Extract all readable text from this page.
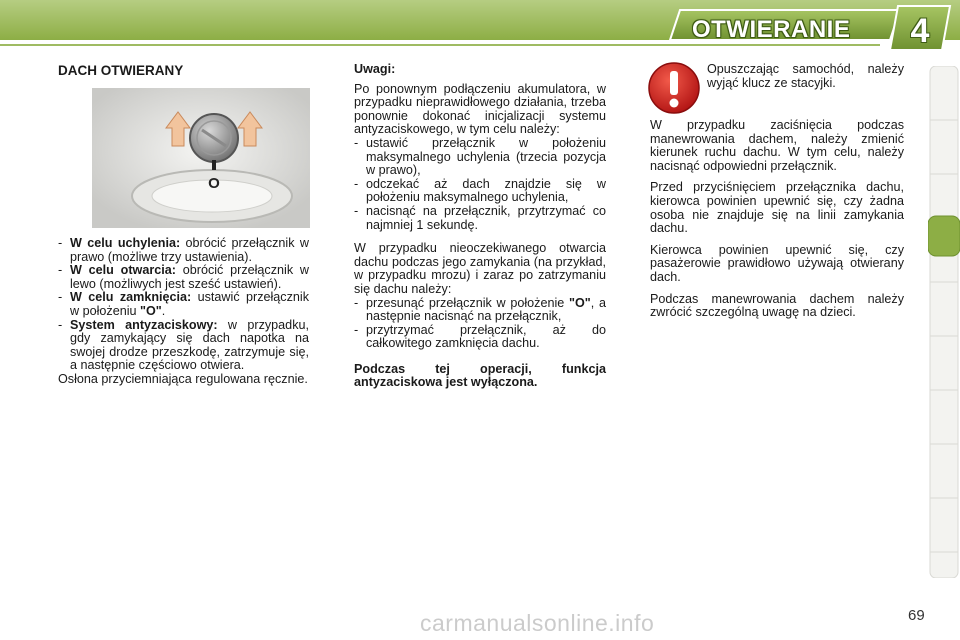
OTWIERANIE	4
DACH OTWIERANY
O
- W celu uchylenia: obrócić przełącznik w prawo (możliwe trzy ustawienia).
- W celu otwarcia: obrócić przełącznik w lewo (możliwych jest sześć ustawień).
- W celu zamknięcia: ustawić przełącznik w położeniu "O".
- System antyzaciskowy: w przypadku, gdy zamykający się dach napotka na swojej drodze przeszkodę, zatrzymuje się, a następnie częściowo otwiera.

Osłona przyciemniająca regulowana ręcznie.

Uwagi:

Po ponownym podłączeniu akumulatora, w przypadku nieprawidłowego działania, trzeba ponownie dokonać inicjalizacji systemu antyzaciskowego, w tym celu należy:

- ustawić przełącznik w położeniu maksymalnego uchylenia (trzecia pozycja w prawo),
- odczekać aż dach znajdzie się w położeniu maksymalnego uchylenia,
- nacisnąć na przełącznik, przytrzymać co najmniej 1 sekundę.

W przypadku nieoczekiwanego otwarcia dachu podczas jego zamykania (na przykład, w przypadku mrozu) i zaraz po zatrzymaniu się dachu należy:

- przesunąć przełącznik w położenie "O", a następnie nacisnąć na przełącznik,
- przytrzymać przełącznik, aż do całkowitego zamknięcia dachu.

Podczas tej operacji, funkcja antyzaciskowa jest wyłączona.

Opuszczając samochód, należy wyjąć klucz ze stacyjki.

W przypadku zaciśnięcia podczas manewrowania dachem, należy zmienić kierunek ruchu dachu. W tym celu, należy nacisnąć odpowiedni przełącznik.

Przed przyciśnięciem przełącznika dachu, kierowca powinien upewnić się, czy żadna osoba nie znajduje się na linii zamykania dachu.

Kierowca powinien upewnić się, czy pasażerowie prawidłowo używają otwierany dach.

Podczas manewrowania dachem należy zwrócić szczególną uwagę na dzieci.

69
carmanualsonline.info
